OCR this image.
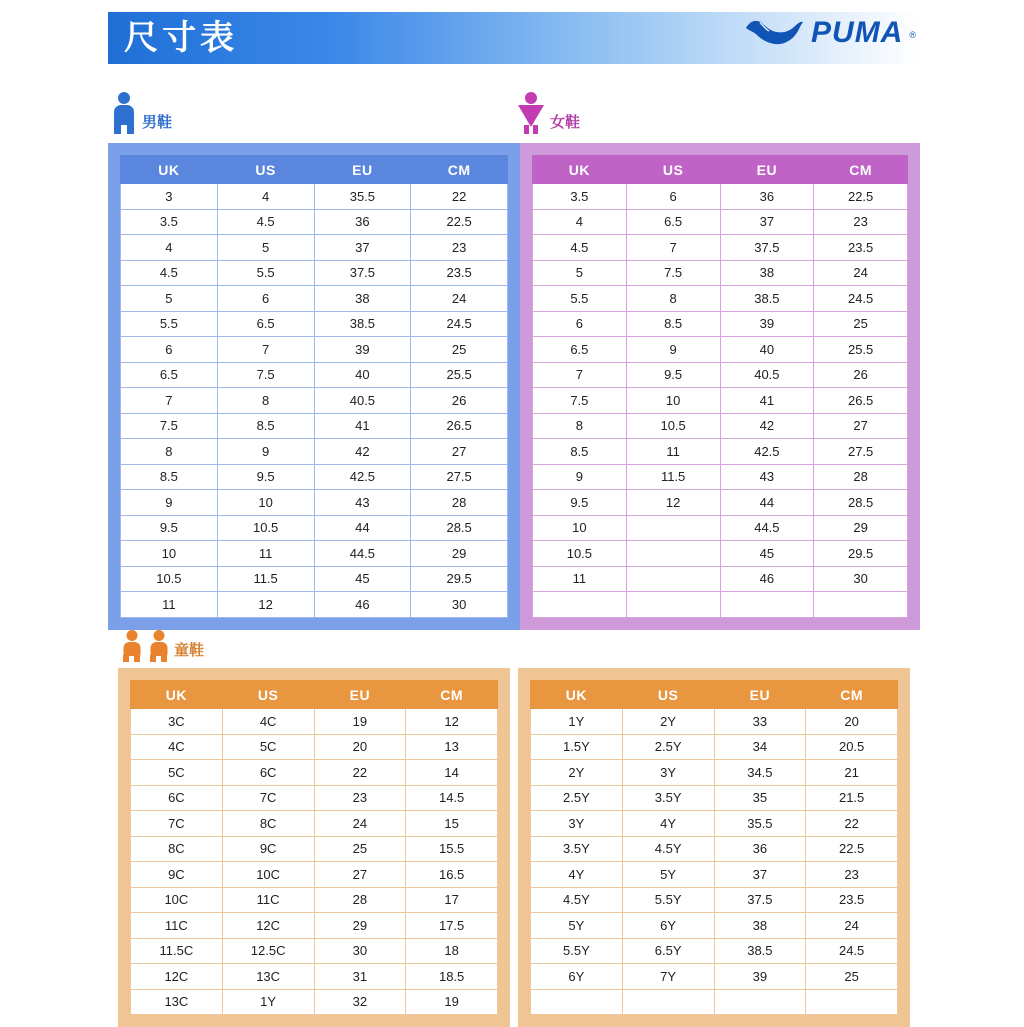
尺寸表	PUMA ®
男鞋
UK	US	EU	CM
3	4	35.5	22
3.5	4.5	36	22.5
4	5	37	23
4.5	5.5	37.5	23.5
5	6	38	24
5.5	6.5	38.5	24.5
6	7	39	25
6.5	7.5	40	25.5
7	8	40.5	26
7.5	8.5	41	26.5
8	9	42	27
8.5	9.5	42.5	27.5
9	10	43	28
9.5	10.5	44	28.5
10	11	44.5	29
10.5	11.5	45	29.5
11	12	46	30
女鞋
UK	US	EU	CM
3.5	6	36	22.5
4	6.5	37	23
4.5	7	37.5	23.5
5	7.5	38	24
5.5	8	38.5	24.5
6	8.5	39	25
6.5	9	40	25.5
7	9.5	40.5	26
7.5	10	41	26.5
8	10.5	42	27
8.5	11	42.5	27.5
9	11.5	43	28
9.5	12	44	28.5
10		44.5	29
10.5		45	29.5
11		46	30

童鞋
UK	US	EU	CM
3C	4C	19	12
4C	5C	20	13
5C	6C	22	14
6C	7C	23	14.5
7C	8C	24	15
8C	9C	25	15.5
9C	10C	27	16.5
10C	11C	28	17
11C	12C	29	17.5
11.5C	12.5C	30	18
12C	13C	31	18.5
13C	1Y	32	19
UK	US	EU	CM
1Y	2Y	33	20
1.5Y	2.5Y	34	20.5
2Y	3Y	34.5	21
2.5Y	3.5Y	35	21.5
3Y	4Y	35.5	22
3.5Y	4.5Y	36	22.5
4Y	5Y	37	23
4.5Y	5.5Y	37.5	23.5
5Y	6Y	38	24
5.5Y	6.5Y	38.5	24.5
6Y	7Y	39	25
